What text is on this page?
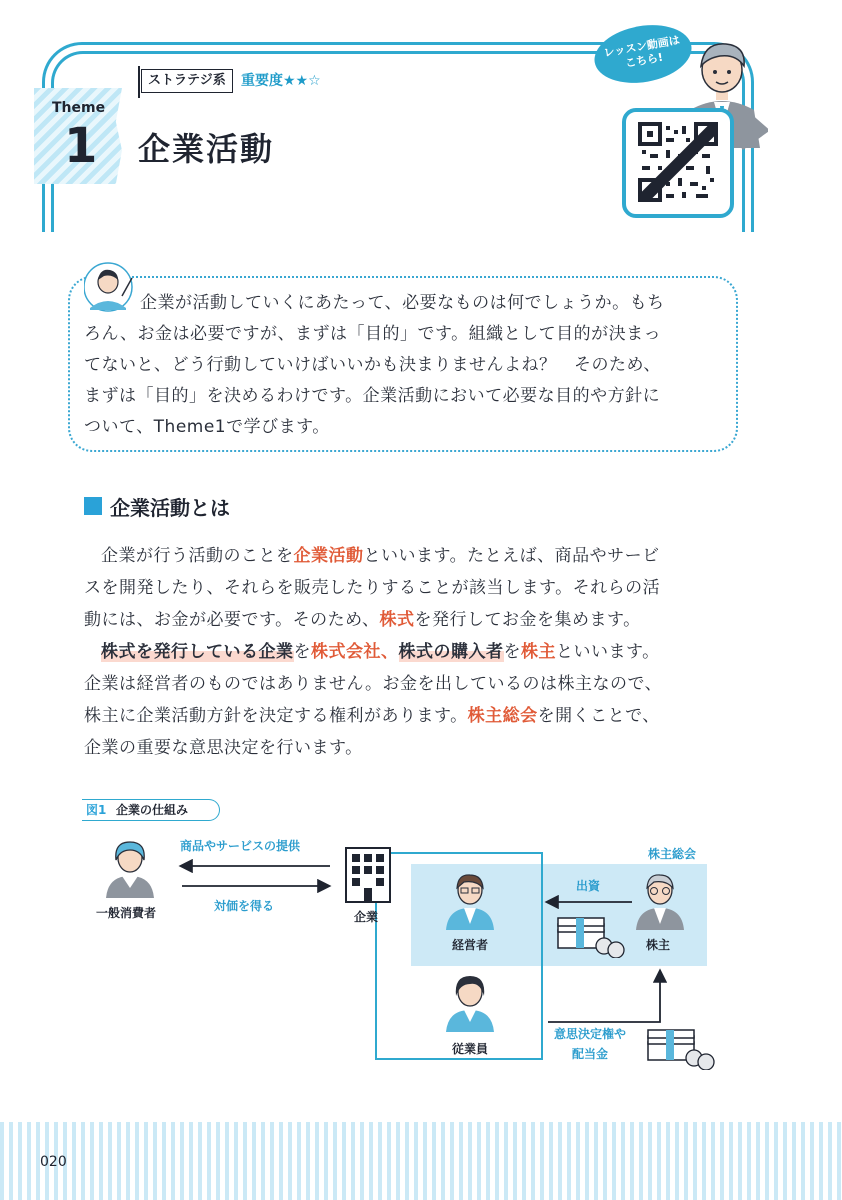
Theme
1
ストラテジ系	重要度★★☆
企業活動
レッスン動画は
こちら!
企業が活動していくにあたって、必要なものは何でしょうか。もち
ろん、お金は必要ですが、まずは「目的」です。組織として目的が決まっ
てないと、どう行動していけばいいかも決まりませんよね？　そのため、
まずは「目的」を決めるわけです。企業活動において必要な目的や方針に
ついて、Theme1で学びます。
企業活動とは
企業が行う活動のことを企業活動といいます。たとえば、商品やサービ
スを開発したり、それらを販売したりすることが該当します。それらの活
動には、お金が必要です。そのため、株式を発行してお金を集めます。
株式を発行している企業を株式会社、株式の購入者を株主といいます。
企業は経営者のものではありません。お金を出しているのは株主なので、
株主に企業活動方針を決定する権利があります。株主総会を開くことで、
企業の重要な意思決定を行います。
図1 企業の仕組み
一般消費者
商品やサービスの提供
対価を得る
企業
経営者
従業員
株主総会
株主
出資
意思決定権や
配当金
020
